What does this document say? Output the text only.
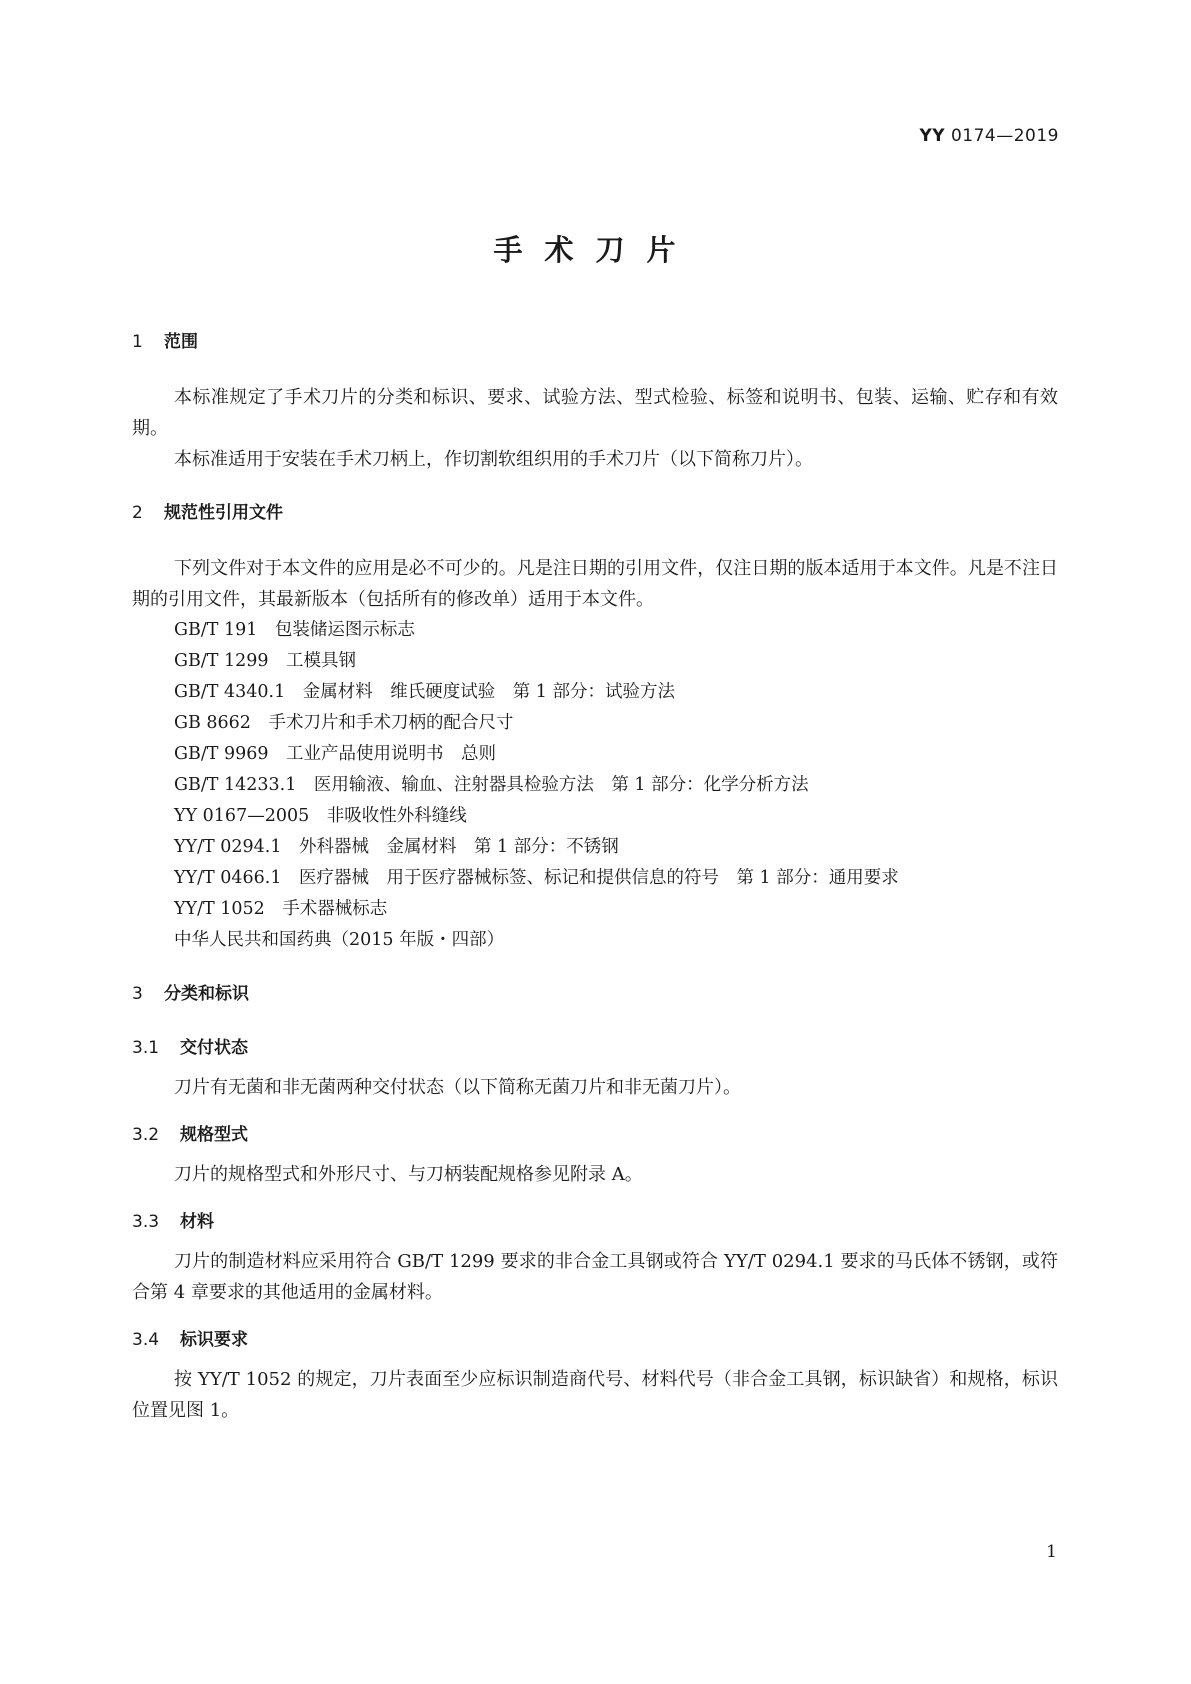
YY 0174—2019
手术刀片
1	范围
本标准规定了手术刀片的分类和标识、要求、试验方法、型式检验、标签和说明书、包装、运输、贮存和有效期。
本标准适用于安装在手术刀柄上，作切割软组织用的手术刀片（以下简称刀片）。
2	规范性引用文件
下列文件对于本文件的应用是必不可少的。凡是注日期的引用文件，仅注日期的版本适用于本文件。凡是不注日期的引用文件，其最新版本（包括所有的修改单）适用于本文件。
GB/T 191　包装储运图示标志
GB/T 1299　工模具钢
GB/T 4340.1　金属材料　维氏硬度试验　第 1 部分：试验方法
GB 8662　手术刀片和手术刀柄的配合尺寸
GB/T 9969　工业产品使用说明书　总则
GB/T 14233.1　医用输液、输血、注射器具检验方法　第 1 部分：化学分析方法
YY 0167—2005　非吸收性外科缝线
YY/T 0294.1　外科器械　金属材料　第 1 部分：不锈钢
YY/T 0466.1　医疗器械　用于医疗器械标签、标记和提供信息的符号　第 1 部分：通用要求
YY/T 1052　手术器械标志
中华人民共和国药典（2015 年版・四部）
3	分类和标识
3.1	交付状态
刀片有无菌和非无菌两种交付状态（以下简称无菌刀片和非无菌刀片）。
3.2	规格型式
刀片的规格型式和外形尺寸、与刀柄装配规格参见附录 A。
3.3	材料
刀片的制造材料应采用符合 GB/T 1299 要求的非合金工具钢或符合 YY/T 0294.1 要求的马氏体不锈钢，或符合第 4 章要求的其他适用的金属材料。
3.4	标识要求
按 YY/T 1052 的规定，刀片表面至少应标识制造商代号、材料代号（非合金工具钢，标识缺省）和规格，标识位置见图 1。
1
